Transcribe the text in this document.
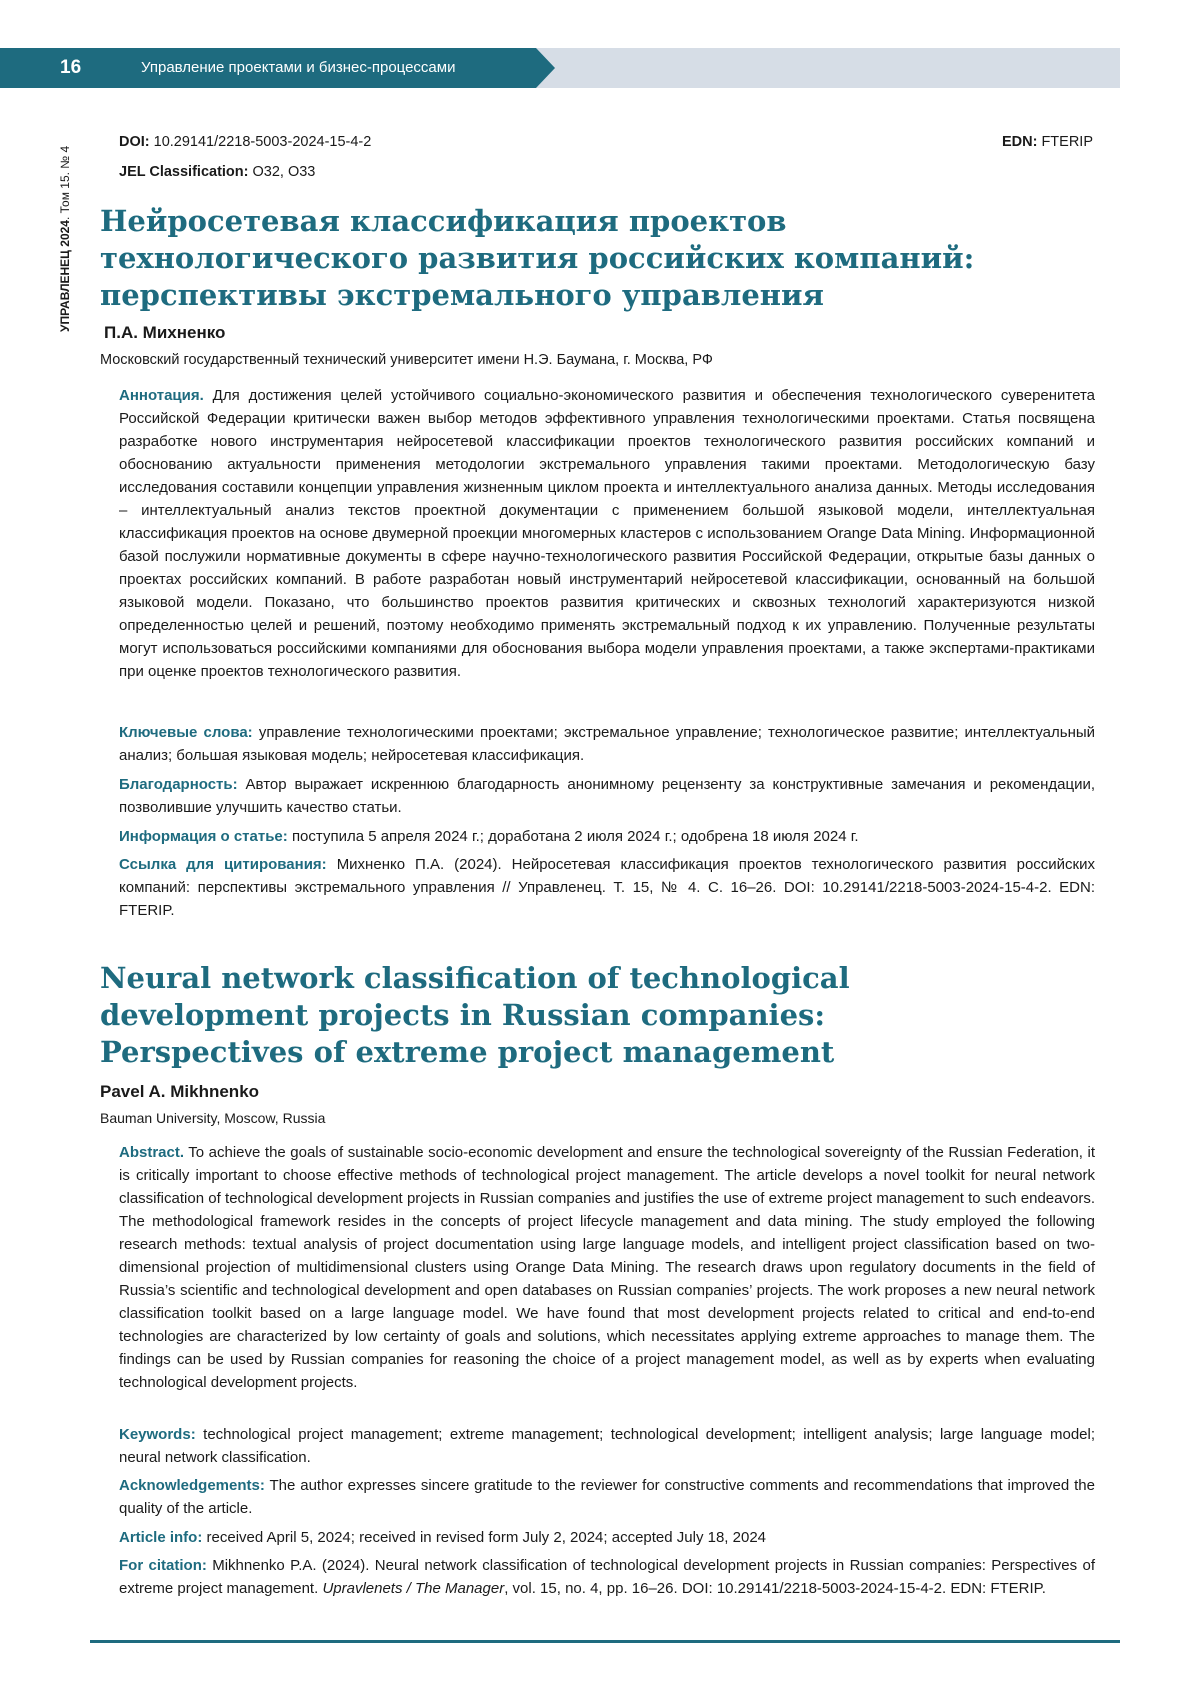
16	Управление проектами и бизнес-процессами
УПРАВЛЕНЕЦ 2024. Том 15. № 4
DOI: 10.29141/2218-5003-2024-15-4-2
JEL Classification: O32, O33
EDN: FTERIP
Нейросетевая классификация проектов технологического развития российских компаний: перспективы экстремального управления
П.А. Михненко
Московский государственный технический университет имени Н.Э. Баумана, г. Москва, РФ
Аннотация. Для достижения целей устойчивого социально-экономического развития и обеспечения технологического суверенитета Российской Федерации критически важен выбор методов эффективного управления технологическими проектами. Статья посвящена разработке нового инструментария нейросетевой классификации проектов технологического развития российских компаний и обоснованию актуальности применения методологии экстремального управления такими проектами. Методологическую базу исследования составили концепции управления жизненным циклом проекта и интеллектуального анализа данных. Методы исследования – интеллектуальный анализ текстов проектной документации с применением большой языковой модели, интеллектуальная классификация проектов на основе двумерной проекции многомерных кластеров с использованием Orange Data Mining. Информационной базой послужили нормативные документы в сфере научно-технологического развития Российской Федерации, открытые базы данных о проектах российских компаний. В работе разработан новый инструментарий нейросетевой классификации, основанный на большой языковой модели. Показано, что большинство проектов развития критических и сквозных технологий характеризуются низкой определенностью целей и решений, поэтому необходимо применять экстремальный подход к их управлению. Полученные результаты могут использоваться российскими компаниями для обоснования выбора модели управления проектами, а также экспертами-практиками при оценке проектов технологического развития.
Ключевые слова: управление технологическими проектами; экстремальное управление; технологическое развитие; интеллектуальный анализ; большая языковая модель; нейросетевая классификация.
Благодарность: Автор выражает искреннюю благодарность анонимному рецензенту за конструктивные замечания и рекомендации, позволившие улучшить качество статьи.
Информация о статье: поступила 5 апреля 2024 г.; доработана 2 июля 2024 г.; одобрена 18 июля 2024 г.
Ссылка для цитирования: Михненко П.А. (2024). Нейросетевая классификация проектов технологического развития российских компаний: перспективы экстремального управления // Управленец. Т. 15, № 4. С. 16–26. DOI: 10.29141/2218-5003-2024-15-4-2. EDN: FTERIP.
Neural network classification of technological development projects in Russian companies: Perspectives of extreme project management
Pavel A. Mikhnenko
Bauman University, Moscow, Russia
Abstract. To achieve the goals of sustainable socio-economic development and ensure the technological sovereignty of the Russian Federation, it is critically important to choose effective methods of technological project management. The article develops a novel toolkit for neural network classification of technological development projects in Russian companies and justifies the use of extreme project management to such endeavors. The methodological framework resides in the concepts of project lifecycle management and data mining. The study employed the following research methods: textual analysis of project documentation using large language models, and intelligent project classification based on two-dimensional projection of multidimensional clusters using Orange Data Mining. The research draws upon regulatory documents in the field of Russia’s scientific and technological development and open databases on Russian companies’ projects. The work proposes a new neural network classification toolkit based on a large language model. We have found that most development projects related to critical and end-to-end technologies are characterized by low certainty of goals and solutions, which necessitates applying extreme approaches to manage them. The findings can be used by Russian companies for reasoning the choice of a project management model, as well as by experts when evaluating technological development projects.
Keywords: technological project management; extreme management; technological development; intelligent analysis; large language model; neural network classification.
Acknowledgements: The author expresses sincere gratitude to the reviewer for constructive comments and recommendations that improved the quality of the article.
Article info: received April 5, 2024; received in revised form July 2, 2024; accepted July 18, 2024
For citation: Mikhnenko P.A. (2024). Neural network classification of technological development projects in Russian companies: Perspectives of extreme project management. Upravlenets / The Manager, vol. 15, no. 4, pp. 16–26. DOI: 10.29141/2218-5003-2024-15-4-2. EDN: FTERIP.
